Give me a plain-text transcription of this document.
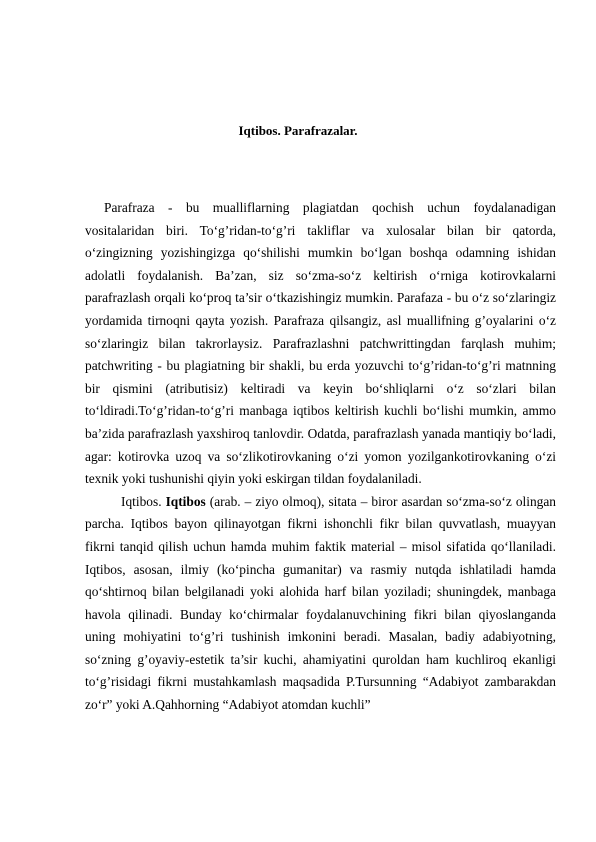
Iqtibos. Parafrazalar.

Parafraza - bu mualliflarning plagiatdan qochish uchun foydalanadigan vositalaridan biri. To‘g’ridan-to‘g’ri takliflar va xulosalar bilan bir qatorda, o‘zingizning yozishingizga qo‘shilishi mumkin bo‘lgan boshqa odamning ishidan adolatli foydalanish. Ba’zan, siz so‘zma-so‘z keltirish o‘rniga kotirovkalarni parafrazlash orqali ko‘proq ta’sir o‘tkazishingiz mumkin. Parafaza - bu o‘z so‘zlaringiz yordamida tirnoqni qayta yozish. Parafraza qilsangiz, asl muallifning g’oyalarini o‘z so‘zlaringiz bilan takrorlaysiz. Parafrazlashni patchwrittingdan farqlash muhim; patchwriting - bu plagiatning bir shakli, bu erda yozuvchi to‘g’ridan-to‘g’ri matnning bir qismini (atributisiz) keltiradi va keyin bo‘shliqlarni o‘z so‘zlari bilan to‘ldiradi.To‘g’ridan-to‘g’ri manbaga iqtibos keltirish kuchli bo‘lishi mumkin, ammo ba’zida parafrazlash yaxshiroq tanlovdir. Odatda, parafrazlash yanada mantiqiy bo‘ladi, agar: kotirovka uzoq va so‘zlikotirovkaning o‘zi yomon yozilgankotirovkaning o‘zi texnik yoki tushunishi qiyin yoki eskirgan tildan foydalaniladi.

Iqtibos. Iqtibos (arab. – ziyo olmoq), sitata – biror asardan so‘zma-so‘z olingan parcha. Iqtibos bayon qilinayotgan fikrni ishonchli fikr bilan quvvatlash, muayyan fikrni tanqid qilish uchun hamda muhim faktik material – misol sifatida qo‘llaniladi. Iqtibos, asosan, ilmiy (ko‘pincha gumanitar) va rasmiy nutqda ishlatiladi hamda qo‘shtirnoq bilan belgilanadi yoki alohida harf bilan yoziladi; shuningdek, manbaga havola qilinadi. Bunday ko‘chirmalar foydalanuvchining fikri bilan qiyoslanganda uning mohiyatini to‘g’ri tushinish imkonini beradi. Masalan, badiy adabiyotning, so‘zning g’oyaviy-estetik ta’sir kuchi, ahamiyatini quroldan ham kuchliroq ekanligi to‘g’risidagi fikrni mustahkamlash maqsadida P.Tursunning “Adabiyot zambarakdan zo‘r” yoki A.Qahhorning “Adabiyot atomdan kuchli”
